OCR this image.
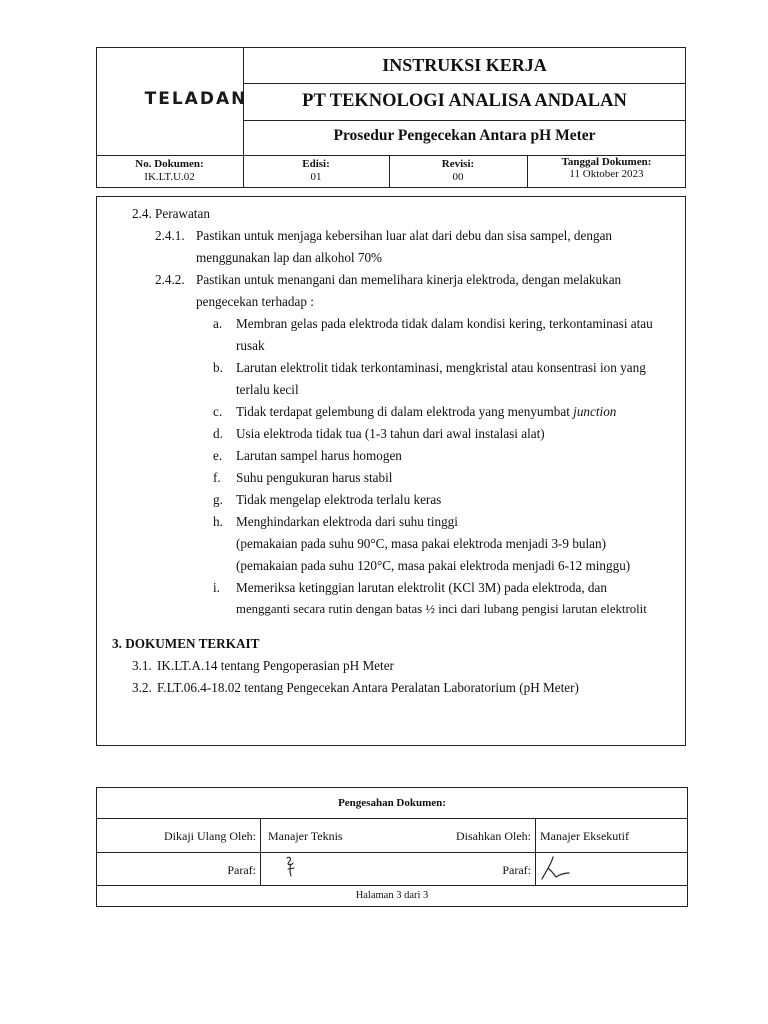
TELADAN
INSTRUKSI KERJA
PT TEKNOLOGI ANALISA ANDALAN
Prosedur Pengecekan Antara pH Meter
No. Dokumen:
IK.LT.U.02
Edisi:
01
Revisi:
00
Tanggal Dokumen:
11 Oktober 2023
2.4. Perawatan
2.4.1. Pastikan untuk menjaga kebersihan luar alat dari debu dan sisa sampel, dengan
menggunakan lap dan alkohol 70%
2.4.2. Pastikan untuk menangani dan memelihara kinerja elektroda, dengan melakukan
pengecekan terhadap :
a. Membran gelas pada elektroda tidak dalam kondisi kering, terkontaminasi atau
rusak
b. Larutan elektrolit tidak terkontaminasi, mengkristal atau konsentrasi ion yang
terlalu kecil
c. Tidak terdapat gelembung di dalam elektroda yang menyumbat junction
d. Usia elektroda tidak tua (1-3 tahun dari awal instalasi alat)
e. Larutan sampel harus homogen
f. Suhu pengukuran harus stabil
g. Tidak mengelap elektroda terlalu keras
h. Menghindarkan elektroda dari suhu tinggi
(pemakaian pada suhu 90°C, masa pakai elektroda menjadi 3-9 bulan)
(pemakaian pada suhu 120°C, masa pakai elektroda menjadi 6-12 minggu)
i. Memeriksa ketinggian larutan elektrolit (KCl 3M) pada elektroda, dan
mengganti secara rutin dengan batas ½ inci dari lubang pengisi larutan elektrolit
3. DOKUMEN TERKAIT
3.1. IK.LT.A.14 tentang Pengoperasian pH Meter
3.2. F.LT.06.4-18.02 tentang Pengecekan Antara Peralatan Laboratorium (pH Meter)
Pengesahan Dokumen:
Dikaji Ulang Oleh: Manajer Teknis	Disahkan Oleh: Manajer Eksekutif
Paraf:	Paraf:
Halaman 3 dari 3
